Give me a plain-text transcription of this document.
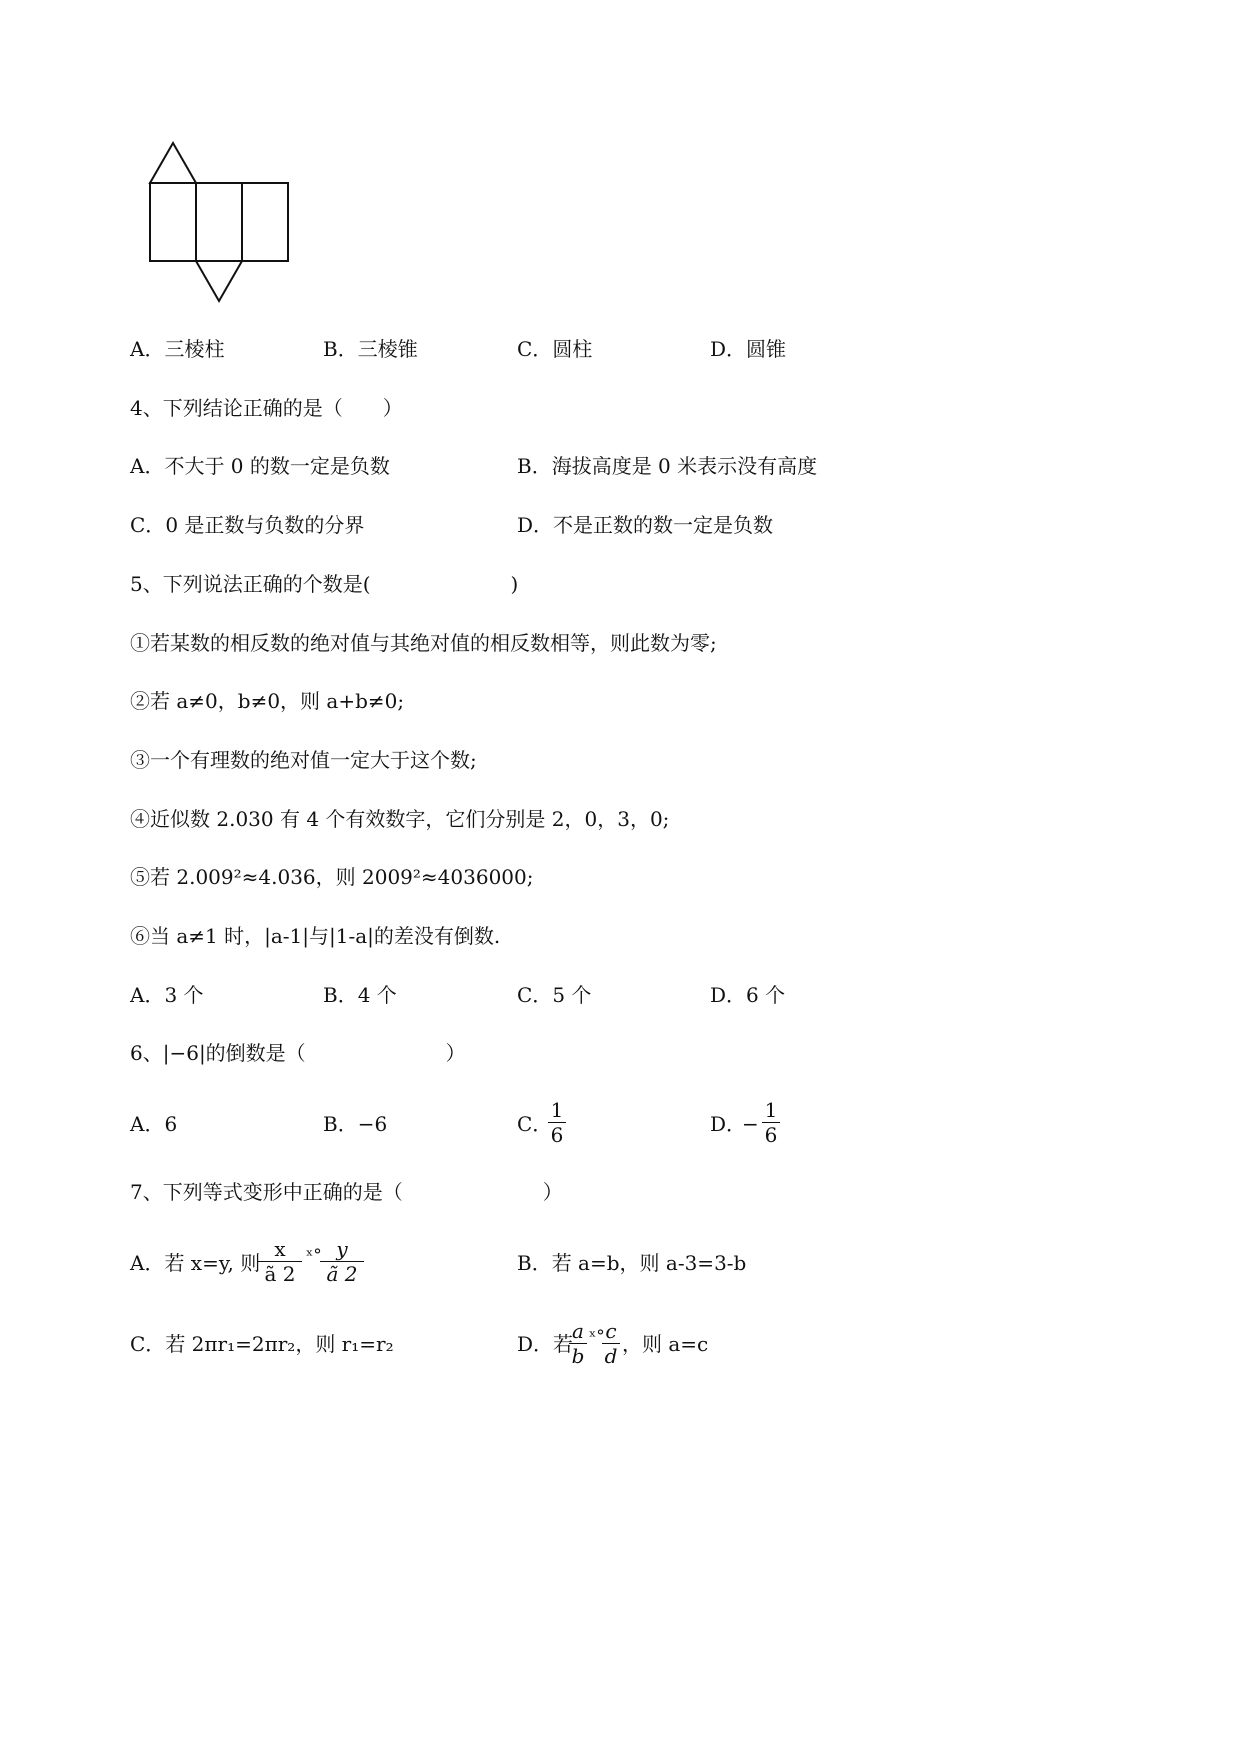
A．三棱柱	B．三棱锥	C．圆柱	D．圆锥
4、下列结论正确的是（　　）
A．不大于 0 的数一定是负数	B．海拔高度是 0 米表示没有高度
C．0 是正数与负数的分界	D．不是正数的数一定是负数
5、下列说法正确的个数是(　　　　　　　)
①若某数的相反数的绝对值与其绝对值的相反数相等，则此数为零;
②若 a≠0，b≠0，则 a+b≠0;
③一个有理数的绝对值一定大于这个数;
④近似数 2.030 有 4 个有效数字，它们分别是 2，0，3，0;
⑤若 2.009²≈4.036，则 2009²≈4036000;
⑥当 a≠1 时，|a-1|与|1-a|的差没有倒数.
A．3 个	B．4 个	C．5 个	D．6 个
6、|−6|的倒数是（　　　　　　　）
A．6	B．−6	C．
1
6	D．
−
1
6
7、下列等式变形中正确的是（　　　　　　　）
A．若 x=y, 则
x
ã 2
ˣ° y
ã 2	B．若 a=b，则 a-3=3-b
C．若 2πr₁=2πr₂，则 r₁=r₂	D．若
a
b
ˣ° c
d ，则 a=c
